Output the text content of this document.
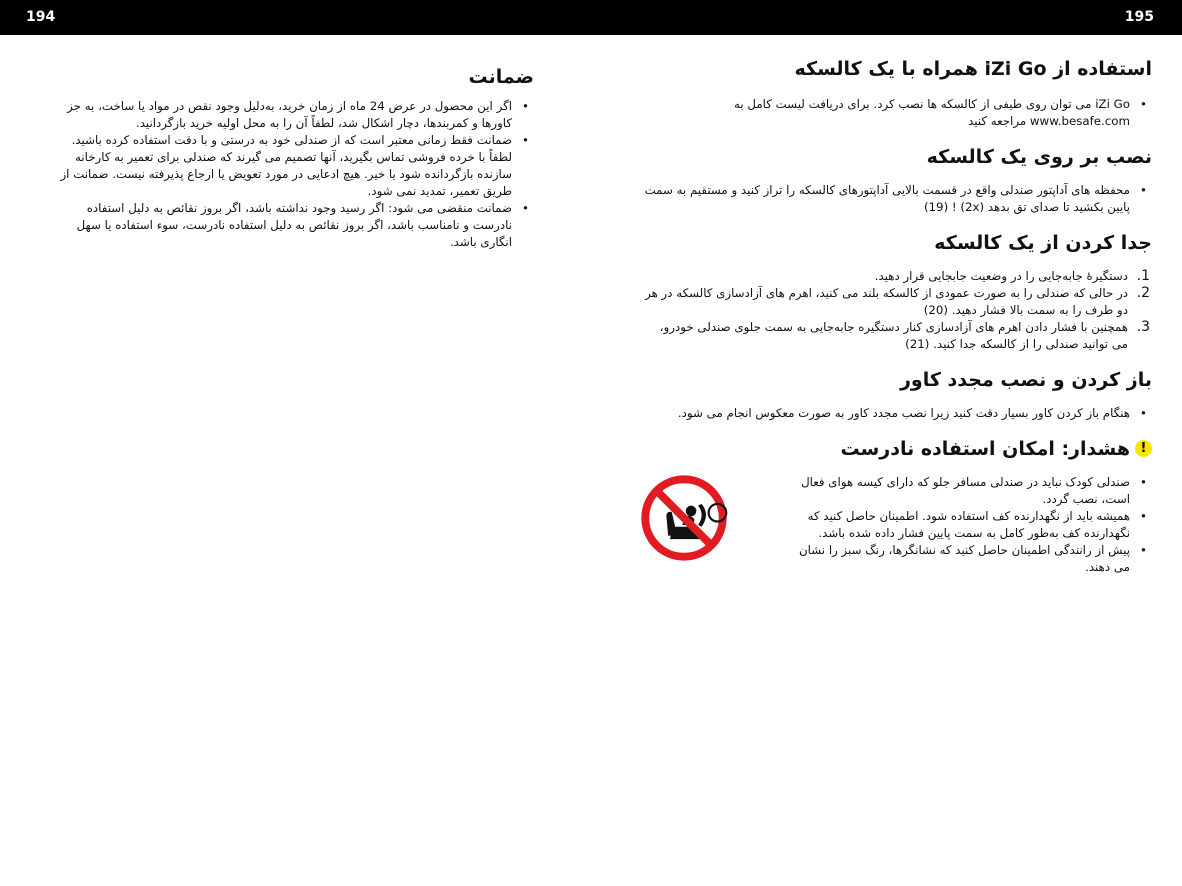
194	195
استفاده از iZi Go همراه با یک کالسکه
• iZi Go می توان روی طیفی از کالسکه ها نصب کرد. برای دریافت لیست کامل به www.besafe.com مراجعه کنید
نصب بر روی یک کالسکه
• محفظه های آداپتور صندلی واقع در قسمت بالایی آداپتورهای کالسکه را تراز کنید و مستقیم به سمت پایین بکشید تا صدای تق بدهد (2x) ! (19)
جدا کردن از یک کالسکه
1.
دستگیرهٔ جابه‌جایی را در وضعیت جابجایی قرار دهید.
2.
در حالی که صندلی را به صورت عمودی از کالسکه بلند می کنید، اهرم های آزادسازی کالسکه در هر دو طرف را به سمت بالا فشار دهید. (20)
3.
همچنین با فشار دادن اهرم های آزادسازی کنار دستگیره جابه‌جایی به سمت جلوی صندلی خودرو، می توانید صندلی را از کالسکه جدا کنید. (21)
باز کردن و نصب مجدد کاور
• هنگام باز کردن کاور بسیار دقت کنید زیرا نصب مجدد کاور به صورت معکوس انجام می شود.
!
هشدار: امکان استفاده نادرست
• صندلی کودک نباید در صندلی مسافر جلو که دارای کیسه هوای فعال است، نصب گردد.
• همیشه باید از نگهدارنده کف استفاده شود. اطمینان حاصل کنید که نگهدارنده کف به‌طور کامل به سمت پایین فشار داده شده باشد.
• پیش از رانندگی اطمینان حاصل کنید که نشانگرها، رنگ سبز را نشان می دهند.
ضمانت
• اگر این محصول در عرض 24 ماه از زمان خرید، به‌دلیل وجود نقص در مواد یا ساخت، به جز کاورها و کمربندها، دچار اشکال شد، لطفاً آن را به محل اولیه خرید بازگردانید.
• ضمانت فقط زمانی معتبر است که از صندلی خود به درستی و با دقت استفاده کرده باشید. لطفاً با خرده فروشی تماس بگیرید، آنها تصمیم می گیرند که صندلی برای تعمیر به کارخانه سازنده بازگردانده شود یا خیر. هیچ ادعایی در مورد تعویض یا ارجاع پذیرفته نیست. ضمانت از طریق تعمیر، تمدید نمی شود.
• ضمانت منقضی می شود: اگر رسید وجود نداشته باشد، اگر بروز نقائص به دلیل استفاده نادرست و نامناسب باشد، اگر بروز نقائص به دلیل استفاده نادرست، سوء استفاده یا سهل انگاری باشد.
